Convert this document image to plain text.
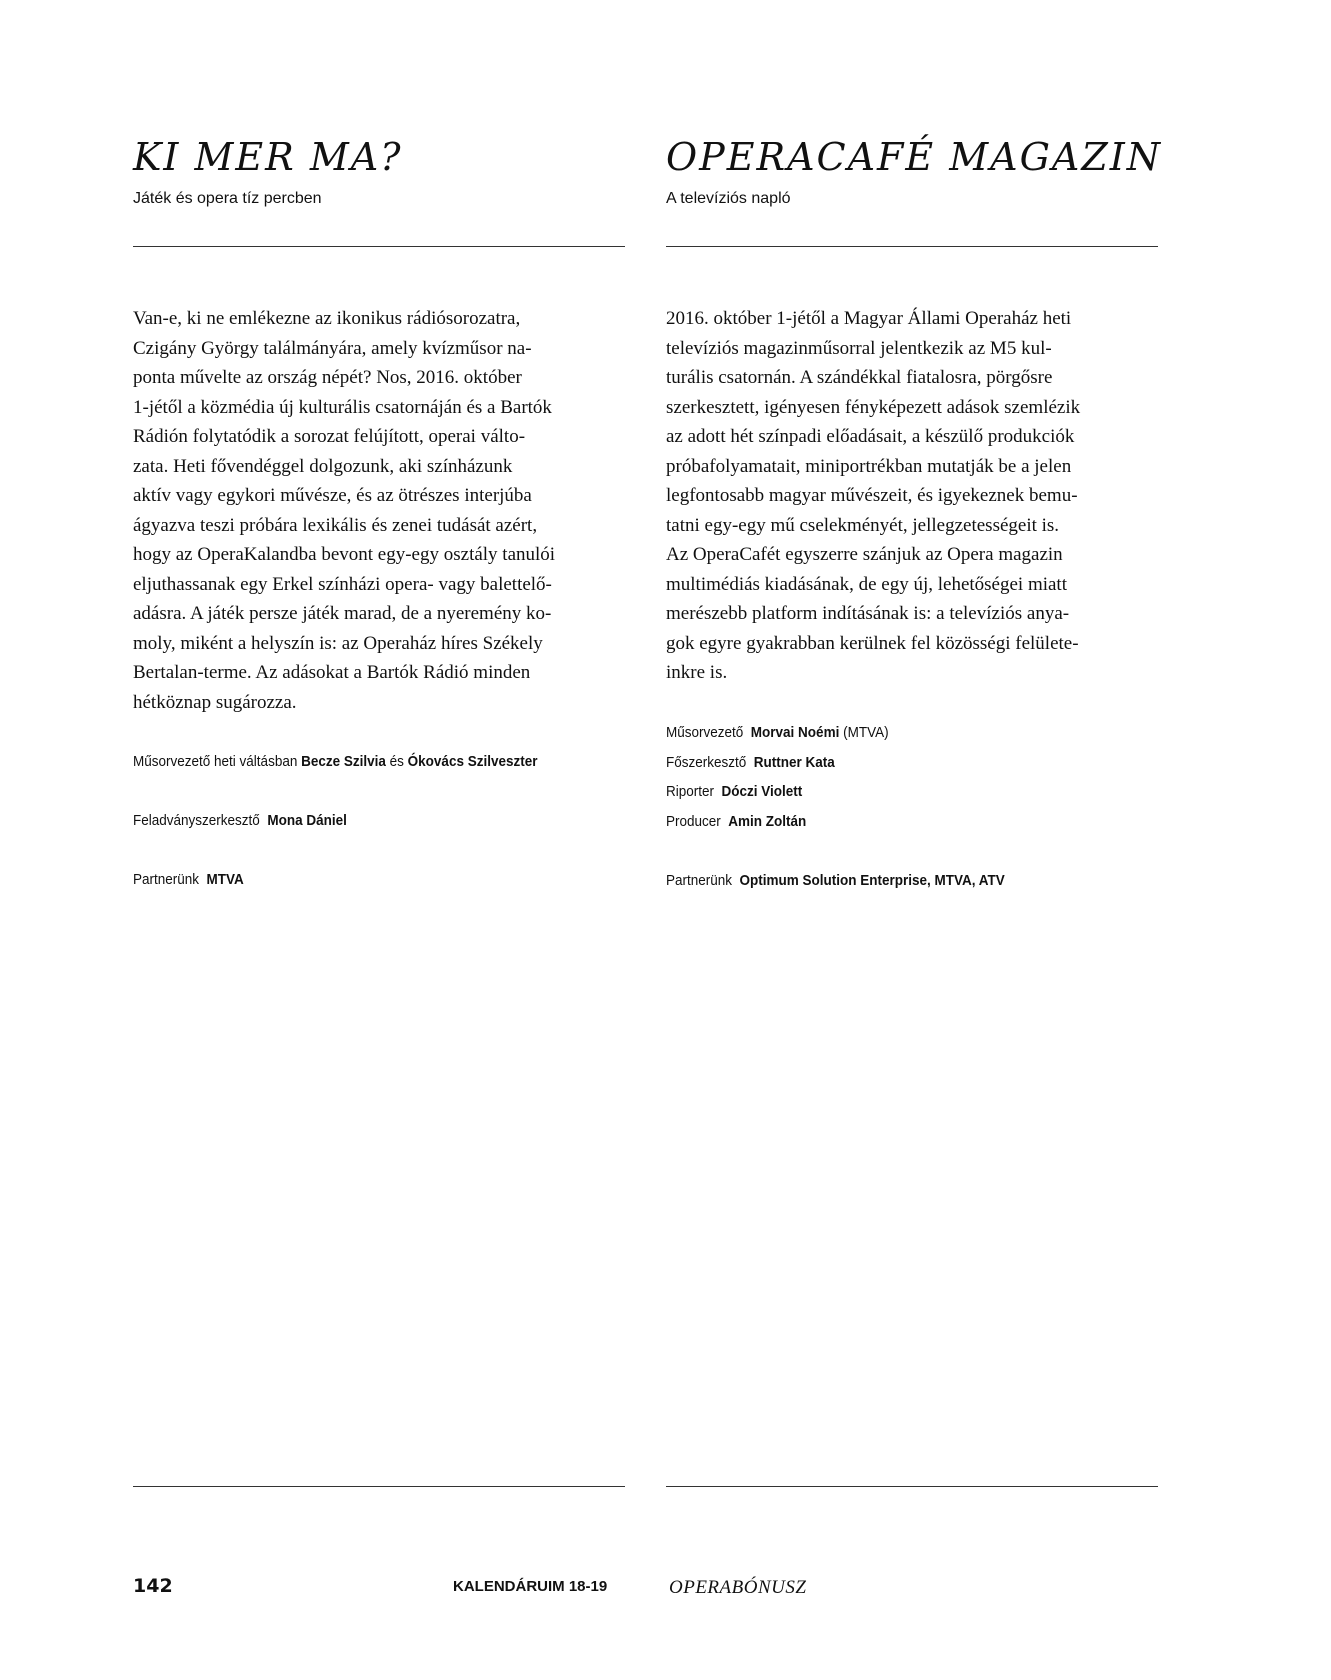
KI MER MA?
Játék és opera tíz percben

Van-e, ki ne emlékezne az ikonikus rádiósorozatra,
Czigány György találmányára, amely kvízműsor na-
ponta művelte az ország népét? Nos, 2016. október
1-jétől a közmédia új kulturális csatornáján és a Bartók
Rádión folytatódik a sorozat felújított, operai válto-
zata. Heti fővendéggel dolgozunk, aki színházunk
aktív vagy egykori művésze, és az ötrészes interjúba
ágyazva teszi próbára lexikális és zenei tudását azért,
hogy az OperaKalandba bevont egy-egy osztály tanulói
eljuthassanak egy Erkel színházi opera- vagy balettelő-
adásra. A játék persze játék marad, de a nyeremény ko-
moly, miként a helyszín is: az Operaház híres Székely
Bertalan-terme. Az adásokat a Bartók Rádió minden
hétköznap sugározza.

Műsorvezető heti váltásban Becze Szilvia és Ókovács Szilveszter
Feladványszerkesztő Mona Dániel
Partnerünk MTVA
OPERACAFÉ MAGAZIN
A televíziós napló

2016. október 1-jétől a Magyar Állami Operaház heti
televíziós magazinműsorral jelentkezik az M5 kul-
turális csatornán. A szándékkal fiatalosra, pörgősre
szerkesztett, igényesen fényképezett adások szemlézik
az adott hét színpadi előadásait, a készülő produkciók
próbafolyamatait, miniportrékban mutatják be a jelen
legfontosabb magyar művészeit, és igyekeznek bemu-
tatni egy-egy mű cselekményét, jellegzetességeit is.
Az OperaCafét egyszerre szánjuk az Opera magazin
multimédiás kiadásának, de egy új, lehetőségei miatt
merészebb platform indításának is: a televíziós anya-
gok egyre gyakrabban kerülnek fel közösségi felülete-
inkre is.

Műsorvezető Morvai Noémi (MTVA)
Főszerkesztő Ruttner Kata
Riporter Dóczi Violett
Producer Amin Zoltán
Partnerünk Optimum Solution Enterprise, MTVA, ATV
142	KALENDÁRUIM 18-19	OPERABÓNUSZ
